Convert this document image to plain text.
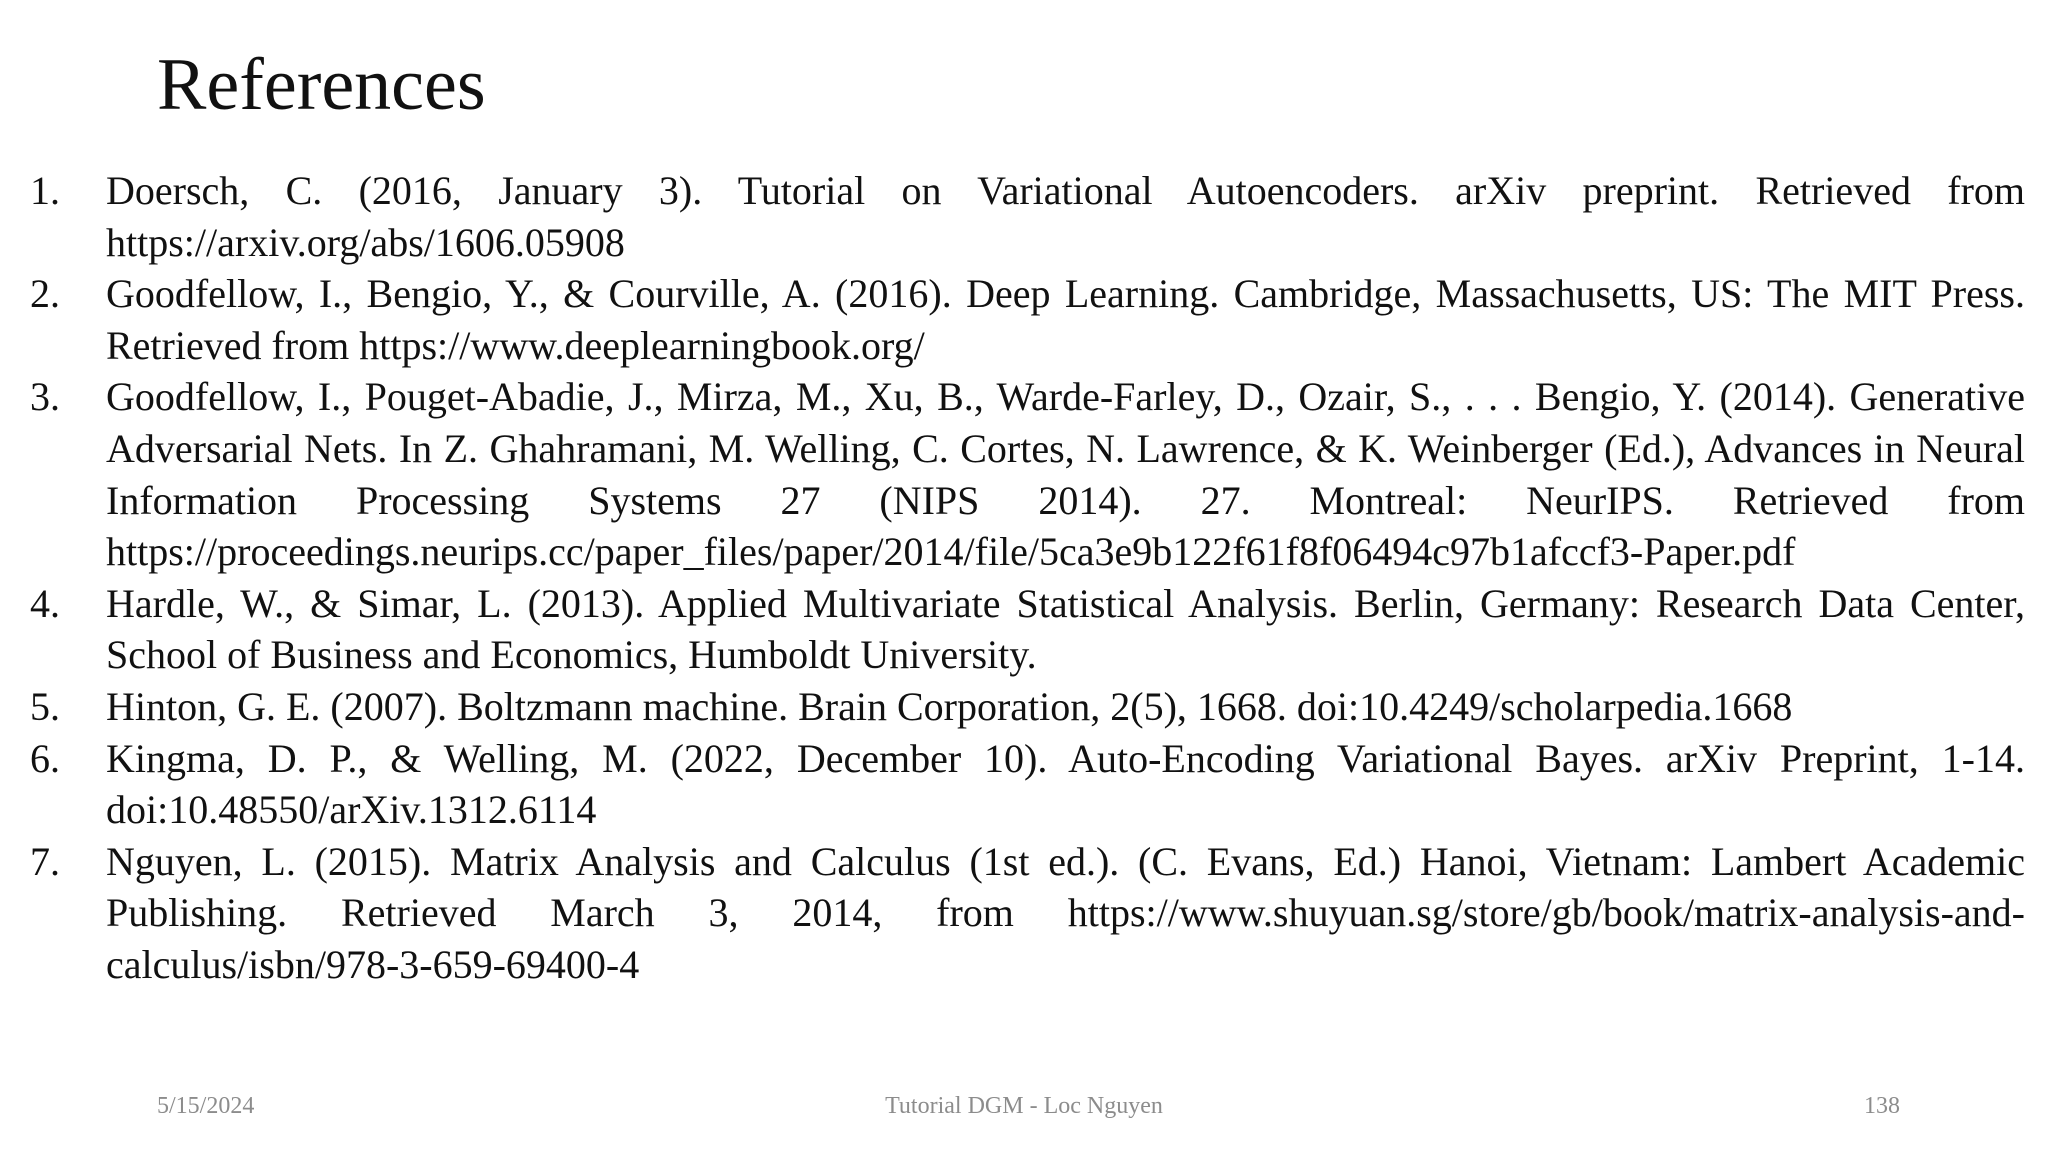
References
1.	Doersch, C. (2016, January 3). Tutorial on Variational Autoencoders. arXiv preprint. Retrieved from https://arxiv.org/abs/1606.05908
2.	Goodfellow, I., Bengio, Y., & Courville, A. (2016). Deep Learning. Cambridge, Massachusetts, US: The MIT Press. Retrieved from https://www.deeplearningbook.org/
3.	Goodfellow, I., Pouget-Abadie, J., Mirza, M., Xu, B., Warde-Farley, D., Ozair, S., . . . Bengio, Y. (2014). Generative Adversarial Nets. In Z. Ghahramani, M. Welling, C. Cortes, N. Lawrence, & K. Weinberger (Ed.), Advances in Neural Information Processing Systems 27 (NIPS 2014). 27. Montreal: NeurIPS. Retrieved from https://proceedings.neurips.cc/paper_files/paper/2014/file/5ca3e9b122f61f8f06494c97b1afccf3-Paper.pdf
4.	Hardle, W., & Simar, L. (2013). Applied Multivariate Statistical Analysis. Berlin, Germany: Research Data Center, School of Business and Economics, Humboldt University.
5.	Hinton, G. E. (2007). Boltzmann machine. Brain Corporation, 2(5), 1668. doi:10.4249/scholarpedia.1668
6.	Kingma, D. P., & Welling, M. (2022, December 10). Auto-Encoding Variational Bayes. arXiv Preprint, 1-14. doi:10.48550/arXiv.1312.6114
7.	Nguyen, L. (2015). Matrix Analysis and Calculus (1st ed.). (C. Evans, Ed.) Hanoi, Vietnam: Lambert Academic Publishing. Retrieved March 3, 2014, from https://www.shuyuan.sg/store/gb/book/matrix-analysis-and-calculus/isbn/978-3-659-69400-4
5/15/2024	Tutorial DGM - Loc Nguyen	138
